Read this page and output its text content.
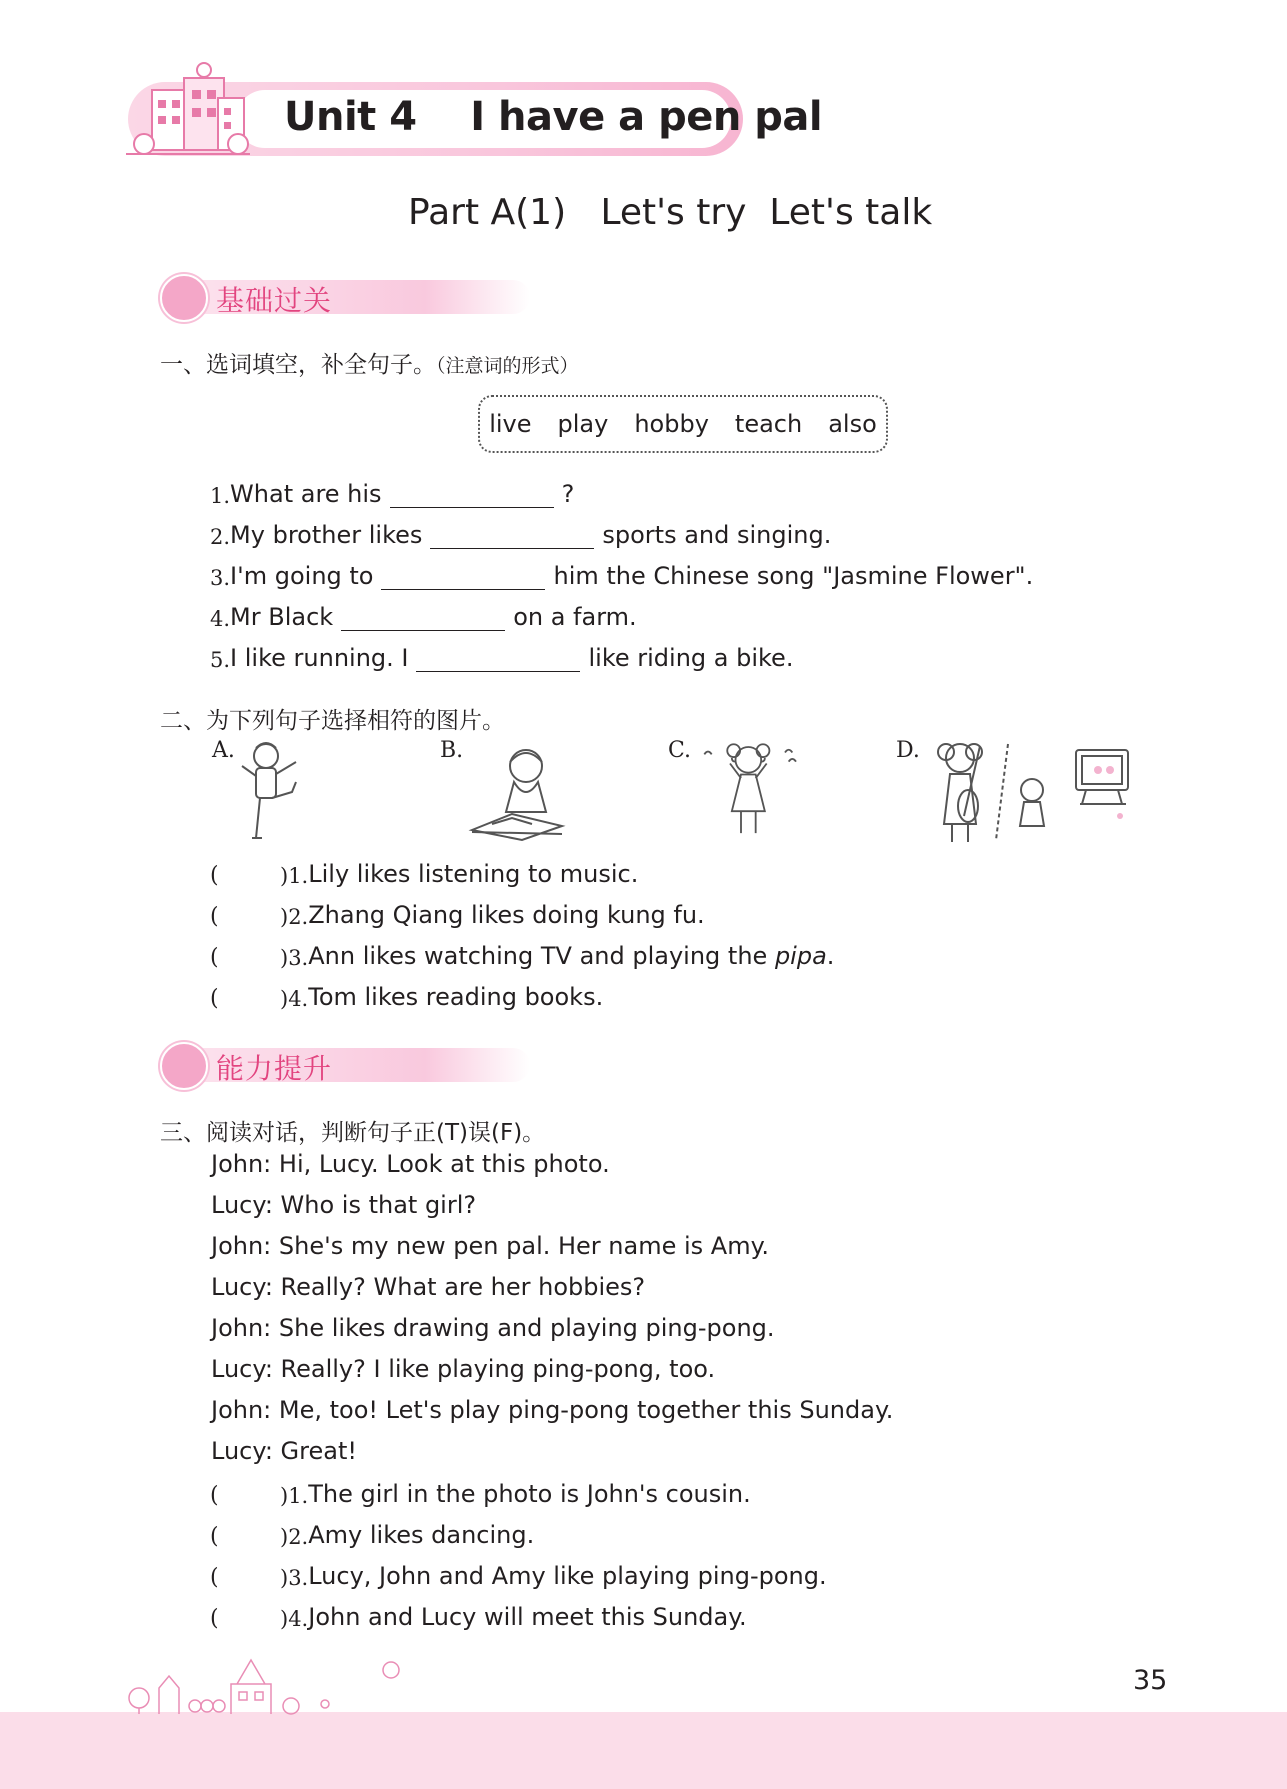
Unit 4    I have a pen pal
Part A(1)   Let's try  Let's talk
基础过关
一、选词填空，补全句子。（注意词的形式）
live play hobby teach also
1. What are his	?
2. My brother likes	sports and singing.
3. I'm going to	him the Chinese song "Jasmine Flower".
4. Mr Black	on a farm.
5. I like running. I	like riding a bike.
二、为下列句子选择相符的图片。
A.	B.	C.	D.
(	)1. Lily likes listening to music.
(	)2. Zhang Qiang likes doing kung fu.
(	)3. Ann likes watching TV and playing the pipa .
(	)4. Tom likes reading books.
能力提升
三、阅读对话，判断句子正(T)误(F)。
John: Hi, Lucy. Look at this photo.
Lucy: Who is that girl?
John: She's my new pen pal. Her name is Amy.
Lucy: Really? What are her hobbies?
John: She likes drawing and playing ping-pong.
Lucy: Really? I like playing ping-pong, too.
John: Me, too! Let's play ping-pong together this Sunday.
Lucy: Great!
(	)1. The girl in the photo is John's cousin.
(	)2. Amy likes dancing.
(	)3. Lucy, John and Amy like playing ping-pong.
(	)4. John and Lucy will meet this Sunday.
35
